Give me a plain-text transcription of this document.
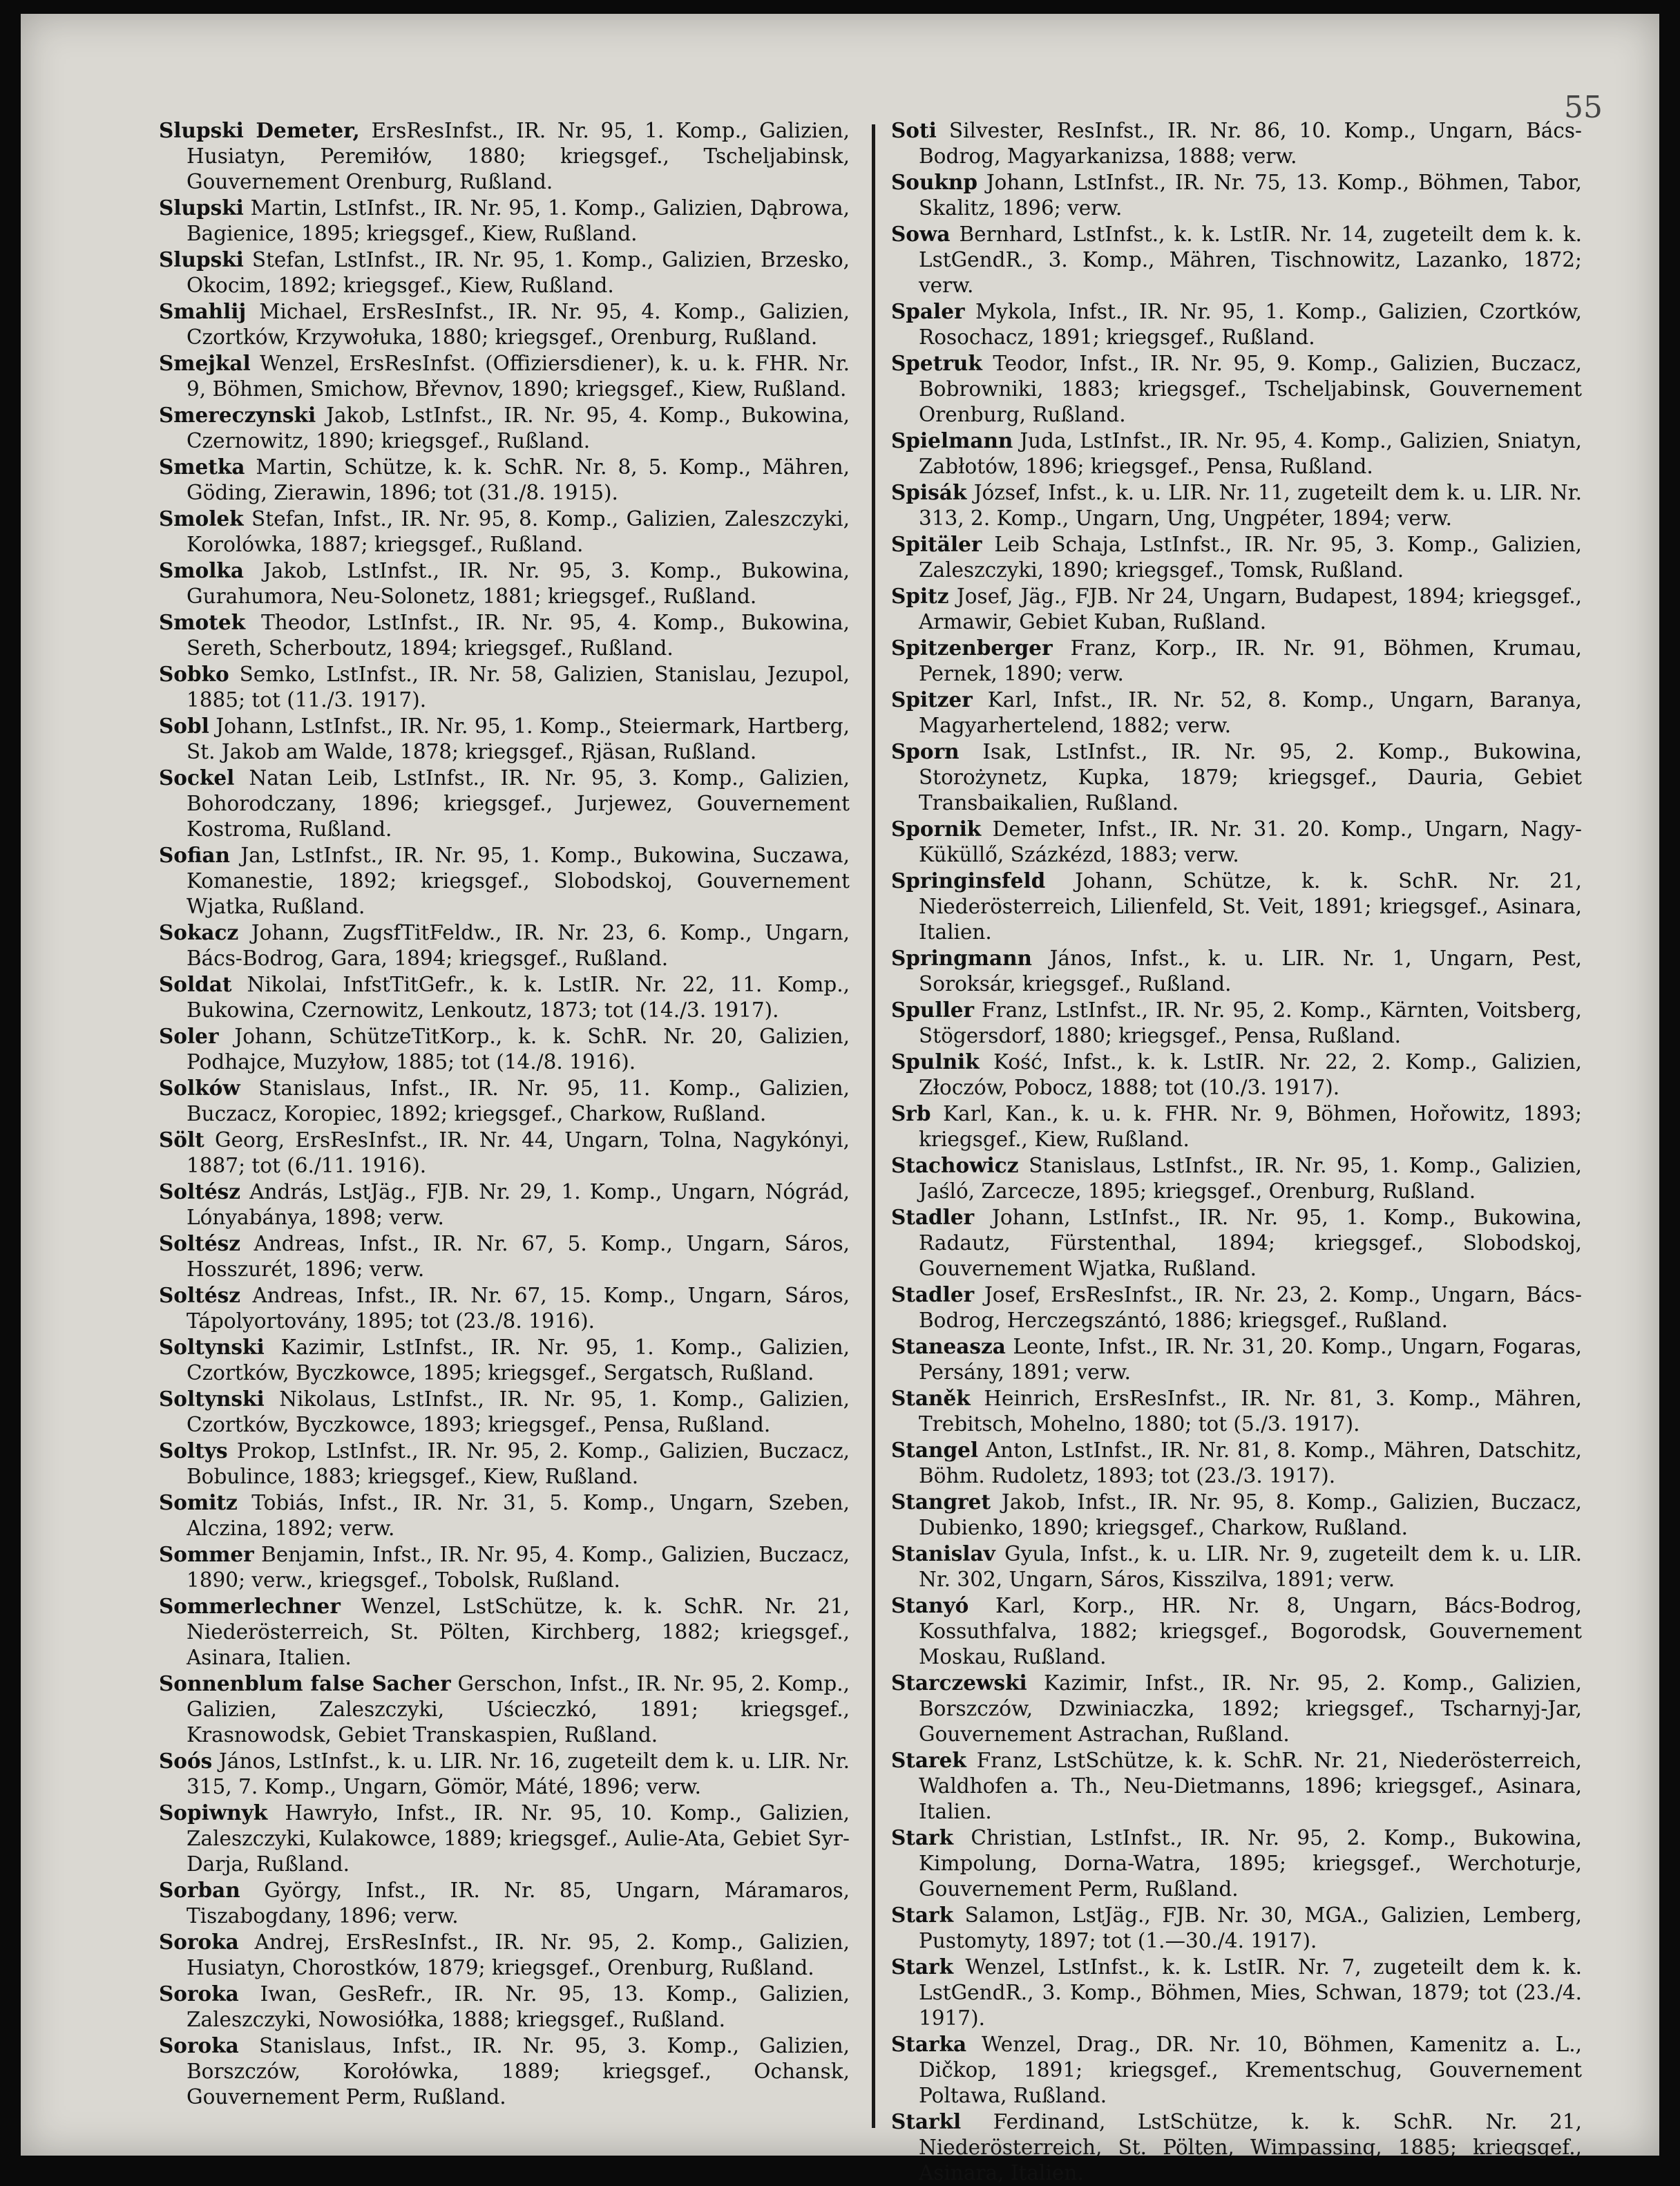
55

Slupski Demeter, ErsResInfst., IR. Nr. 95, 1. Komp., Galizien, Husiatyn, Peremiłów, 1880; kriegsgef., Tscheljabinsk, Gouvernement Orenburg, Rußland.

Slupski Martin, LstInfst., IR. Nr. 95, 1. Komp., Galizien, Dąbrowa, Bagienice, 1895; kriegsgef., Kiew, Rußland.

Slupski Stefan, LstInfst., IR. Nr. 95, 1. Komp., Galizien, Brzesko, Okocim, 1892; kriegsgef., Kiew, Rußland.

Smahlij Michael, ErsResInfst., IR. Nr. 95, 4. Komp., Galizien, Czortków, Krzywołuka, 1880; kriegsgef., Orenburg, Rußland.

Smejkal Wenzel, ErsResInfst. (Offiziersdiener), k. u. k. FHR. Nr. 9, Böhmen, Smichow, Břevnov, 1890; kriegsgef., Kiew, Rußland.

Smereczynski Jakob, LstInfst., IR. Nr. 95, 4. Komp., Bukowina, Czernowitz, 1890; kriegsgef., Rußland.

Smetka Martin, Schütze, k. k. SchR. Nr. 8, 5. Komp., Mähren, Göding, Zierawin, 1896; tot (31./8. 1915).

Smolek Stefan, Infst., IR. Nr. 95, 8. Komp., Galizien, Zaleszczyki, Korolówka, 1887; kriegsgef., Rußland.

Smolka Jakob, LstInfst., IR. Nr. 95, 3. Komp., Bukowina, Gurahumora, Neu-Solonetz, 1881; kriegsgef., Rußland.

Smotek Theodor, LstInfst., IR. Nr. 95, 4. Komp., Bukowina, Sereth, Scherboutz, 1894; kriegsgef., Rußland.

Sobko Semko, LstInfst., IR. Nr. 58, Galizien, Stanislau, Jezupol, 1885; tot (11./3. 1917).

Sobl Johann, LstInfst., IR. Nr. 95, 1. Komp., Steiermark, Hartberg, St. Jakob am Walde, 1878; kriegsgef., Rjäsan, Rußland.

Sockel Natan Leib, LstInfst., IR. Nr. 95, 3. Komp., Galizien, Bohorodczany, 1896; kriegsgef., Jurjewez, Gouvernement Kostroma, Rußland.

Sofian Jan, LstInfst., IR. Nr. 95, 1. Komp., Bukowina, Suczawa, Komanestie, 1892; kriegsgef., Slobodskoj, Gouvernement Wjatka, Rußland.

Sokacz Johann, ZugsfTitFeldw., IR. Nr. 23, 6. Komp., Ungarn, Bács-Bodrog, Gara, 1894; kriegsgef., Rußland.

Soldat Nikolai, InfstTitGefr., k. k. LstIR. Nr. 22, 11. Komp., Bukowina, Czernowitz, Lenkoutz, 1873; tot (14./3. 1917).

Soler Johann, SchützeTitKorp., k. k. SchR. Nr. 20, Galizien, Podhajce, Muzyłow, 1885; tot (14./8. 1916).

Solków Stanislaus, Infst., IR. Nr. 95, 11. Komp., Galizien, Buczacz, Koropiec, 1892; kriegsgef., Charkow, Rußland.

Sölt Georg, ErsResInfst., IR. Nr. 44, Ungarn, Tolna, Nagykónyi, 1887; tot (6./11. 1916).

Soltész András, LstJäg., FJB. Nr. 29, 1. Komp., Ungarn, Nógrád, Lónyabánya, 1898; verw.

Soltész Andreas, Infst., IR. Nr. 67, 5. Komp., Ungarn, Sáros, Hosszurét, 1896; verw.

Soltész Andreas, Infst., IR. Nr. 67, 15. Komp., Ungarn, Sáros, Tápolyortovány, 1895; tot (23./8. 1916).

Soltynski Kazimir, LstInfst., IR. Nr. 95, 1. Komp., Galizien, Czortków, Byczkowce, 1895; kriegsgef., Sergatsch, Rußland.

Soltynski Nikolaus, LstInfst., IR. Nr. 95, 1. Komp., Galizien, Czortków, Byczkowce, 1893; kriegsgef., Pensa, Rußland.

Soltys Prokop, LstInfst., IR. Nr. 95, 2. Komp., Galizien, Buczacz, Bobulince, 1883; kriegsgef., Kiew, Rußland.

Somitz Tobiás, Infst., IR. Nr. 31, 5. Komp., Ungarn, Szeben, Alczina, 1892; verw.

Sommer Benjamin, Infst., IR. Nr. 95, 4. Komp., Galizien, Buczacz, 1890; verw., kriegsgef., Tobolsk, Rußland.

Sommerlechner Wenzel, LstSchütze, k. k. SchR. Nr. 21, Niederösterreich, St. Pölten, Kirchberg, 1882; kriegsgef., Asinara, Italien.

Sonnenblum false Sacher Gerschon, Infst., IR. Nr. 95, 2. Komp., Galizien, Zaleszczyki, Uścieczkó, 1891; kriegsgef., Krasnowodsk, Gebiet Transkaspien, Rußland.

Soós János, LstInfst., k. u. LIR. Nr. 16, zugeteilt dem k. u. LIR. Nr. 315, 7. Komp., Ungarn, Gömör, Máté, 1896; verw.

Sopiwnyk Hawryło, Infst., IR. Nr. 95, 10. Komp., Galizien, Zaleszczyki, Kulakowce, 1889; kriegsgef., Aulie-Ata, Gebiet Syr-Darja, Rußland.

Sorban György, Infst., IR. Nr. 85, Ungarn, Máramaros, Tiszabogdany, 1896; verw.

Soroka Andrej, ErsResInfst., IR. Nr. 95, 2. Komp., Galizien, Husiatyn, Chorostków, 1879; kriegsgef., Orenburg, Rußland.

Soroka Iwan, GesRefr., IR. Nr. 95, 13. Komp., Galizien, Zaleszczyki, Nowosiółka, 1888; kriegsgef., Rußland.

Soroka Stanislaus, Infst., IR. Nr. 95, 3. Komp., Galizien, Borszczów, Korołówka, 1889; kriegsgef., Ochansk, Gouvernement Perm, Rußland.

Soti Silvester, ResInfst., IR. Nr. 86, 10. Komp., Ungarn, Bács-Bodrog, Magyarkanizsa, 1888; verw.

Souknp Johann, LstInfst., IR. Nr. 75, 13. Komp., Böhmen, Tabor, Skalitz, 1896; verw.

Sowa Bernhard, LstInfst., k. k. LstIR. Nr. 14, zugeteilt dem k. k. LstGendR., 3. Komp., Mähren, Tischnowitz, Lazanko, 1872; verw.

Spaler Mykola, Infst., IR. Nr. 95, 1. Komp., Galizien, Czortków, Rosochacz, 1891; kriegsgef., Rußland.

Spetruk Teodor, Infst., IR. Nr. 95, 9. Komp., Galizien, Buczacz, Bobrowniki, 1883; kriegsgef., Tscheljabinsk, Gouvernement Orenburg, Rußland.

Spielmann Juda, LstInfst., IR. Nr. 95, 4. Komp., Galizien, Sniatyn, Zabłotów, 1896; kriegsgef., Pensa, Rußland.

Spisák József, Infst., k. u. LIR. Nr. 11, zugeteilt dem k. u. LIR. Nr. 313, 2. Komp., Ungarn, Ung, Ungpéter, 1894; verw.

Spitäler Leib Schaja, LstInfst., IR. Nr. 95, 3. Komp., Galizien, Zaleszczyki, 1890; kriegsgef., Tomsk, Rußland.

Spitz Josef, Jäg., FJB. Nr 24, Ungarn, Budapest, 1894; kriegsgef., Armawir, Gebiet Kuban, Rußland.

Spitzenberger Franz, Korp., IR. Nr. 91, Böhmen, Krumau, Pernek, 1890; verw.

Spitzer Karl, Infst., IR. Nr. 52, 8. Komp., Ungarn, Baranya, Magyarhertelend, 1882; verw.

Sporn Isak, LstInfst., IR. Nr. 95, 2. Komp., Bukowina, Storożynetz, Kupka, 1879; kriegsgef., Dauria, Gebiet Transbaikalien, Rußland.

Spornik Demeter, Infst., IR. Nr. 31. 20. Komp., Ungarn, Nagy-Küküllő, Százkézd, 1883; verw.

Springinsfeld Johann, Schütze, k. k. SchR. Nr. 21, Niederösterreich, Lilienfeld, St. Veit, 1891; kriegsgef., Asinara, Italien.

Springmann János, Infst., k. u. LIR. Nr. 1, Ungarn, Pest, Soroksár, kriegsgef., Rußland.

Spuller Franz, LstInfst., IR. Nr. 95, 2. Komp., Kärnten, Voitsberg, Stögersdorf, 1880; kriegsgef., Pensa, Rußland.

Spulnik Kość, Infst., k. k. LstIR. Nr. 22, 2. Komp., Galizien, Złoczów, Pobocz, 1888; tot (10./3. 1917).

Srb Karl, Kan., k. u. k. FHR. Nr. 9, Böhmen, Hořowitz, 1893; kriegsgef., Kiew, Rußland.

Stachowicz Stanislaus, LstInfst., IR. Nr. 95, 1. Komp., Galizien, Jaśló, Zarcecze, 1895; kriegsgef., Orenburg, Rußland.

Stadler Johann, LstInfst., IR. Nr. 95, 1. Komp., Bukowina, Radautz, Fürstenthal, 1894; kriegsgef., Slobodskoj, Gouvernement Wjatka, Rußland.

Stadler Josef, ErsResInfst., IR. Nr. 23, 2. Komp., Ungarn, Bács-Bodrog, Herczegszántó, 1886; kriegsgef., Rußland.

Staneasza Leonte, Infst., IR. Nr. 31, 20. Komp., Ungarn, Fogaras, Persány, 1891; verw.

Staněk Heinrich, ErsResInfst., IR. Nr. 81, 3. Komp., Mähren, Trebitsch, Mohelno, 1880; tot (5./3. 1917).

Stangel Anton, LstInfst., IR. Nr. 81, 8. Komp., Mähren, Datschitz, Böhm. Rudoletz, 1893; tot (23./3. 1917).

Stangret Jakob, Infst., IR. Nr. 95, 8. Komp., Galizien, Buczacz, Dubienko, 1890; kriegsgef., Charkow, Rußland.

Stanislav Gyula, Infst., k. u. LIR. Nr. 9, zugeteilt dem k. u. LIR. Nr. 302, Ungarn, Sáros, Kisszilva, 1891; verw.

Stanyó Karl, Korp., HR. Nr. 8, Ungarn, Bács-Bodrog, Kossuthfalva, 1882; kriegsgef., Bogorodsk, Gouvernement Moskau, Rußland.

Starczewski Kazimir, Infst., IR. Nr. 95, 2. Komp., Galizien, Borszczów, Dzwiniaczka, 1892; kriegsgef., Tscharnyj-Jar, Gouvernement Astrachan, Rußland.

Starek Franz, LstSchütze, k. k. SchR. Nr. 21, Niederösterreich, Waldhofen a. Th., Neu-Dietmanns, 1896; kriegsgef., Asinara, Italien.

Stark Christian, LstInfst., IR. Nr. 95, 2. Komp., Bukowina, Kimpolung, Dorna-Watra, 1895; kriegsgef., Werchoturje, Gouvernement Perm, Rußland.

Stark Salamon, LstJäg., FJB. Nr. 30, MGA., Galizien, Lemberg, Pustomyty, 1897; tot (1.—30./4. 1917).

Stark Wenzel, LstInfst., k. k. LstIR. Nr. 7, zugeteilt dem k. k. LstGendR., 3. Komp., Böhmen, Mies, Schwan, 1879; tot (23./4. 1917).

Starka Wenzel, Drag., DR. Nr. 10, Böhmen, Kamenitz a. L., Dičkop, 1891; kriegsgef., Krementschug, Gouvernement Poltawa, Rußland.

Starkl Ferdinand, LstSchütze, k. k. SchR. Nr. 21, Niederösterreich, St. Pölten, Wimpassing, 1885; kriegsgef., Asinara, Italien.
